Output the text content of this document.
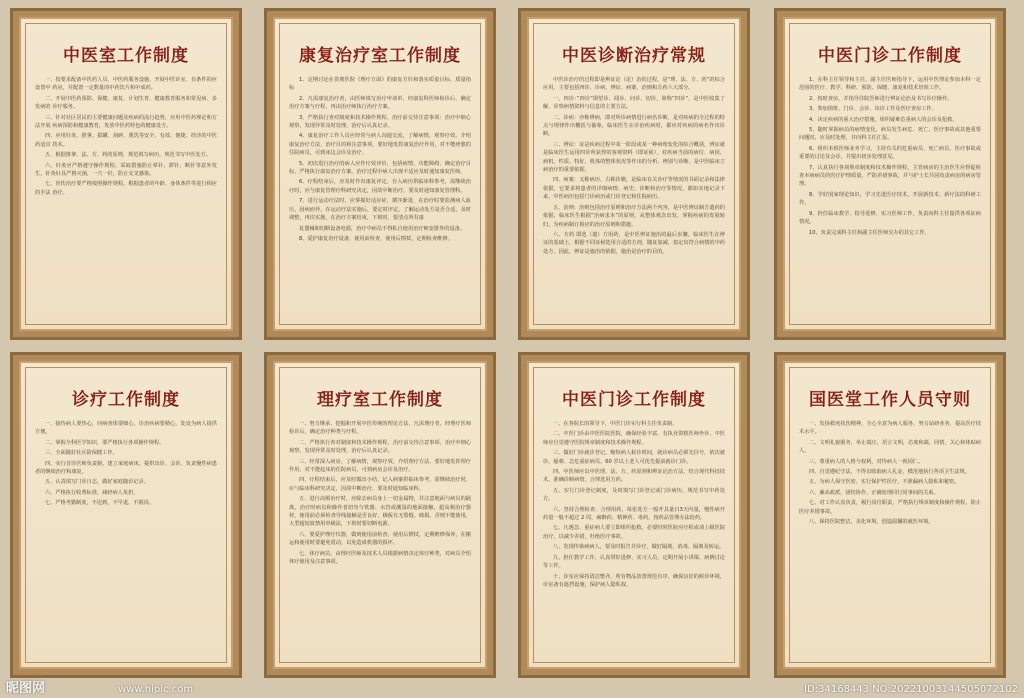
中医室工作制度

一、按要求配备中医药人员、中医药服务设施，开展中医诊室、有条件的应设置中 药房，并配置一定数量的中药饮片和中成药。

二、开展中医药预防、保健、康复、计划生育、健康教育服务和常见病、多发病的 诊疗服务。

三、针对社区居民的主要健康问题及疾病的流行趋势，应用中医药理论和方法开展 疾病预防和健康教育，发放中医药特色的健康处方。

四、应用针灸、推拿、拔罐、刮痧、熏洗等安全、有效、便捷、经济的中医药适宜 技术。

五、根据推拿、法、方、药的原则，规范填写病历，规范书写中医处方。

六、针灸应严格遵守操作规程，采取措施防止晕针、滞针、断针等意外发生，针灸针具严格灭菌，一穴一针，防止交叉感染。

七、骨伤治疗要严格按照操作规程，根据患者的年龄、身体条件等进行相应的手法 治疗。

康复治疗室工作制度

1、定期讨论在贯彻医院《理疗方面》的康复方针和落实质量目标、质量指标

2、凡需康复治疗者，由医师填写治疗申请单，经康复科医师检诊后，确定治疗方案与疗程，再由治疗师执行治疗方案。

3、严格执行查对制度和技术操作规程，治疗前交待注意事项：治疗中细心观察，发现异常及时处理，治疗后认真记录。

4、康复治疗工作人员应经常与病人沟通交流，了解病情，观察疗效，介绍康复治疗方法，治疗目的和注意事项，要好地发挥康复治疗作用，对不能痊愈的住院病员，可到床边会诊及治疗。

5、初次进行治疗的病人应作疗效评价，包括病情、功能障碍、确定治疗目标，严格执行康复治疗方案，治疗过程中病人出现不适应及时通知康复医师。

6、疗程结束后，应及时作出康复评定，存入病历供临床科参考，需继续治疗时，应与康复管理疗科研究决定，因故中断治疗，要及时通知康复管理科。

7、进行运动疗法时，应掌握好适应症，循序渐进，在治疗时要监测病人血压，因病而异，在运动疗法实施后，要定时评定，了解运动处方是否合适，及时调整，再次实施，在治疗方案结束，下班时，要清点所有康

复器械和切断设备电源，治疗中病员不得私自使用治疗师安排外的设备。

8、爱护康复治疗设备，使用前检查，使用后擦拭，定期检查维修。

中医诊断治疗常规

中医诊治疗的过程即是辨证论（论）治的过程，是”理、法、方、药”的综合应用，主要包括四诊、诊病、辨证、病案、治则和方药六大部分。

一、四诊：”四诊”即望诊、闻诊、问诊、切诊，简称”四诊”，是中医收集了解、诊察病情资料与信息的主要方法。

二、诊病：亦称辨病，即对所诊病情进行病名诊断，是对疾病的全过程的特点与规律作出概括与抽象，临床医生在诊治疾病时，都应对疾病的病名作出诊断。

三、辨证：证是疾病过程中某一阶段或某一种病理变化的综合概括，辨证就是临床医生运用四诊所获得的客观资料（即证候），对疾病当前的病位、病因、病机、性质、特征、机体的整体状况等作出的分析，辨别与诊断，是中医临床立病治疗的重要依据。

四、病案：又称病历、古称诊籍，是临床有关诊疗等情况的书面记录和法律依据，它要求将患者的详细病情、病史、诊断和治疗等情况，都如实地记录下来，中医病历包括门诊病历或门诊登记和住院病历。

五、治则：治则包括治疗原则和治疗方法两个内容，是中医辨证制方遣药的依据，临床医生根据”治病求本”的原则，从整体观念出发，掌握疾病的发展转归，为疾病制订相应的治疗原则和措施。

六、方药 即选（遣）方用药，是中医辨证施治的最后步骤，临床医生在辨证的基础上，根据不同证候选用合适的方剂，随证加减，拟定出符合病情的中药处方，因此，辨证是施治的依据，施治是治疗的目的。

中医门诊工作制度

1、在科主任领导和主任、副主任医师指导下，运用中医理论参加本科一定范围的医疗、教学、科研、预防、保健、康复和技术培训工作。

2、按时查房，并指导住院医师进行辨证论治及书写诊疗操作。

3、参加值班、门诊、会诊、出诊工作及医疗查房工作。

4、决定疾病的重大治疗措施，组织疑难危重病人的会诊及抢救。

5、随时掌握病员的病情变化，病员发生病危、死亡、医疗事故或其他重要问题时，应及时处理，并向科主任汇报。

6、组织本组医师业务学习，主持有关的危重病员、死亡病员、医疗事故或重要的讨论及会诊，并提出初步处理意见。

7、认真执行各项规章制度和技术操作规程，主管病房的主治医生应督促检查本病病员的医疗护理质量，严防差错事故，并与护士长共同负责病房的病房管理。

8、学好国家理论知识，学习先进医疗技术，开展新技术、新疗法的科研工作。

9、担任临床教学，指导进修、实习医师工作，负责向科主任提供各项证病情况。

10、负责完成科主任和副主任医师交办的其它工作。

诊疗工作制度

一、接待病人要热心，问病查体要细心，诊治疾病要精心，处处为病人提供方便。

二、掌握全科医学知识，要严格执行各项操作规程。

三、全面做好社区防保健工作。

四、实行首诊医师负责制，建立家庭病床，提供出诊、会诊、负责慢性病患者的继续治疗和康复。

五、认真填写门诊日志，做好家庭随访记录。

六、严格执行收费标准，减轻病人负担。

七、严格考勤制度，不迟到，不早退，不脱岗。

理疗室工作制度

一、努力继承、挖掘和开展中医传统的理论方法，凡需理疗者，经理疗医师检诊后，确定治疗种类与疗程。

二、严格执行查对制度和技术操作规程，治疗前交待注意事项，治疗中细心观察，发现异常及时处理，治疗后认真记录。

三、经常深入病房，了解病情，观察疗效，介绍理疗方法，要好地发挥理疗作用，对不能起床的住院病员，可到病房会诊及治疗。

四、疗程结束后，应及时做出小结，记入病案供临床参考，需继续治疗时，应与临床科研究决定，因故中断治疗，要及时通知临床科。

五、进行高频治疗时，应除去病员身上一切金属物，并注意地面与病员的隔离，治疗时病员和操作者切勿与铁器、水管或潮湿的地面接触，超高频治疗器材，使用前必须检查导线接触是否良好，极板有无裂缝、破损，否则不能使用，大型超短波禁用单极法，下班时要切断电源。

六、要爱护理疗仪器，做到使用前检查，使用后擦拭，定期维修保养，在搬运和使用时要避免震动，以免造成机器的损坏。

七、休疗病员，由理疗医师及技术人员根据病情决定休疗种类，对病员介绍休疗使用及注意事项。

中医门诊工作制度

一、在各院长的领导下，中医门诊实行科主任负责制。

二、中医门诊由中医医院医院，确保经验丰富，有执业资格医师坐诊，中医师应自觉遵守医院规章制度和技术操作规程。

三、做好门诊就诊登记，缩短病人候诊时间，就诊病员必须先挂号，依次就诊，疑难、急危重症病员，60 岁以上老人可优先提前就诊门诊。

四、中医师应以中医理、法、方、药原则和辨证论治方法，结合现代科技技术，准确诊断病情，合理选用方药。

五、实行门诊登记制度，及时填写门诊登记或门诊病历，规范书写中药处方。

六、坚持合理检查、合理用药，每张处方一般开具量日3天内量，慢性病开药量一般不超过 2 周，麻醉药、精神药、毒药，按药品管理办法给药。

七、凡遇急、重症病人要立即组织抢救，必要时时医院应疗程或请上级医院治疗，以减少差错，杜绝医疗事故。

八、发现传染病病人，要及时报告并诊疗，做好隔离、消毒、隔离及转运。

九、担任教学工作，认真带好进修、实习人员，定期开展小讲课、病例讨论等工作。

十、诊室应保持清洁整齐，所有物品放置规范有序，确保良好的候诊环境，诊室备有遮挡设施，保护病人隐私权。

国医堂工作人员守则

一、发扬救死扶伤精神，全心全意为病人服务，努力钻研业务，提高医疗技术水平。

二、文明礼貌服务，举止端庄，语言文明，态度和蔼，同情，关心和体贴病人。

三、尊重病人的人格与权利，对待病人一视同仁。

四、自觉遵纪守法，不得以收取病人礼金，模范地执行各项卫生法规。

五、为病人保守医密，实行保护性医疗，不泄漏病人隐私和秘密。

六、廉从政派，团结协作，正确处理同行同事间的关系。

七、对工作认真负责，履行岗位职责，严格执行规章制度和操作规程，防止医疗差错事故。

八、保持医院整洁，美化环境，创造温馨的就医环境。

昵图网	www.nipic.com	ID:34168443 NO:20221003144505072102
